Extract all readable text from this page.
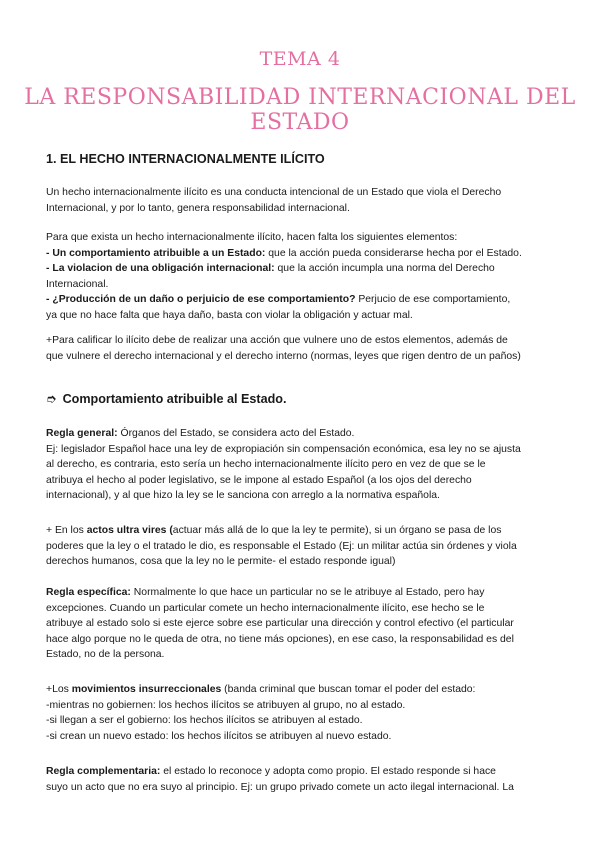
TEMA 4
LA RESPONSABILIDAD INTERNACIONAL DEL ESTADO
1. EL HECHO INTERNACIONALMENTE ILÍCITO

Un hecho internacionalmente ilícito es una conducta intencional de un Estado que viola el Derecho
Internacional, y por lo tanto, genera responsabilidad internacional.

Para que exista un hecho internacionalmente ilícito, hacen falta los siguientes elementos:
- Un comportamiento atribuible a un Estado: que la acción pueda considerarse hecha por el Estado.
- La violacion de una obligación internacional: que la acción incumpla una norma del Derecho
Internacional.
- ¿Producción de un daño o perjuicio de ese comportamiento? Perjucio de ese comportamiento,
ya que no hace falta que haya daño, basta con violar la obligación y actuar mal.

+Para calificar lo ilícito debe de realizar una acción que vulnere uno de estos elementos, además de
que vulnere el derecho internacional y el derecho interno (normas, leyes que rigen dentro de un paños)

➮ Comportamiento atribuible al Estado.

Regla general: Órganos del Estado, se considera acto del Estado.
Ej: legislador Español hace una ley de expropiación sin compensación económica, esa ley no se ajusta
al derecho, es contraria, esto sería un hecho internacionalmente ilícito pero en vez de que se le
atribuya el hecho al poder legislativo, se le impone al estado Español (a los ojos del derecho
internacional), y al que hizo la ley se le sanciona con arreglo a la normativa española.

+ En los actos ultra vires (actuar más allá de lo que la ley te permite), si un órgano se pasa de los
poderes que la ley o el tratado le dio, es responsable el Estado (Ej: un militar actúa sin órdenes y viola
derechos humanos, cosa que la ley no le permite- el estado responde igual)

Regla específica: Normalmente lo que hace un particular no se le atribuye al Estado, pero hay
excepciones. Cuando un particular comete un hecho internacionalmente ilícito, ese hecho se le
atribuye al estado solo si este ejerce sobre ese particular una dirección y control efectivo (el particular
hace algo porque no le queda de otra, no tiene más opciones), en ese caso, la responsabilidad es del
Estado, no de la persona.

+Los movimientos insurreccionales (banda criminal que buscan tomar el poder del estado:
-mientras no gobiernen: los hechos ilícitos se atribuyen al grupo, no al estado.
-si llegan a ser el gobierno: los hechos ilícitos se atribuyen al estado.
-si crean un nuevo estado: los hechos ilícitos se atribuyen al nuevo estado.

Regla complementaria: el estado lo reconoce y adopta como propio. El estado responde si hace
suyo un acto que no era suyo al principio. Ej: un grupo privado comete un acto ilegal internacional. La
